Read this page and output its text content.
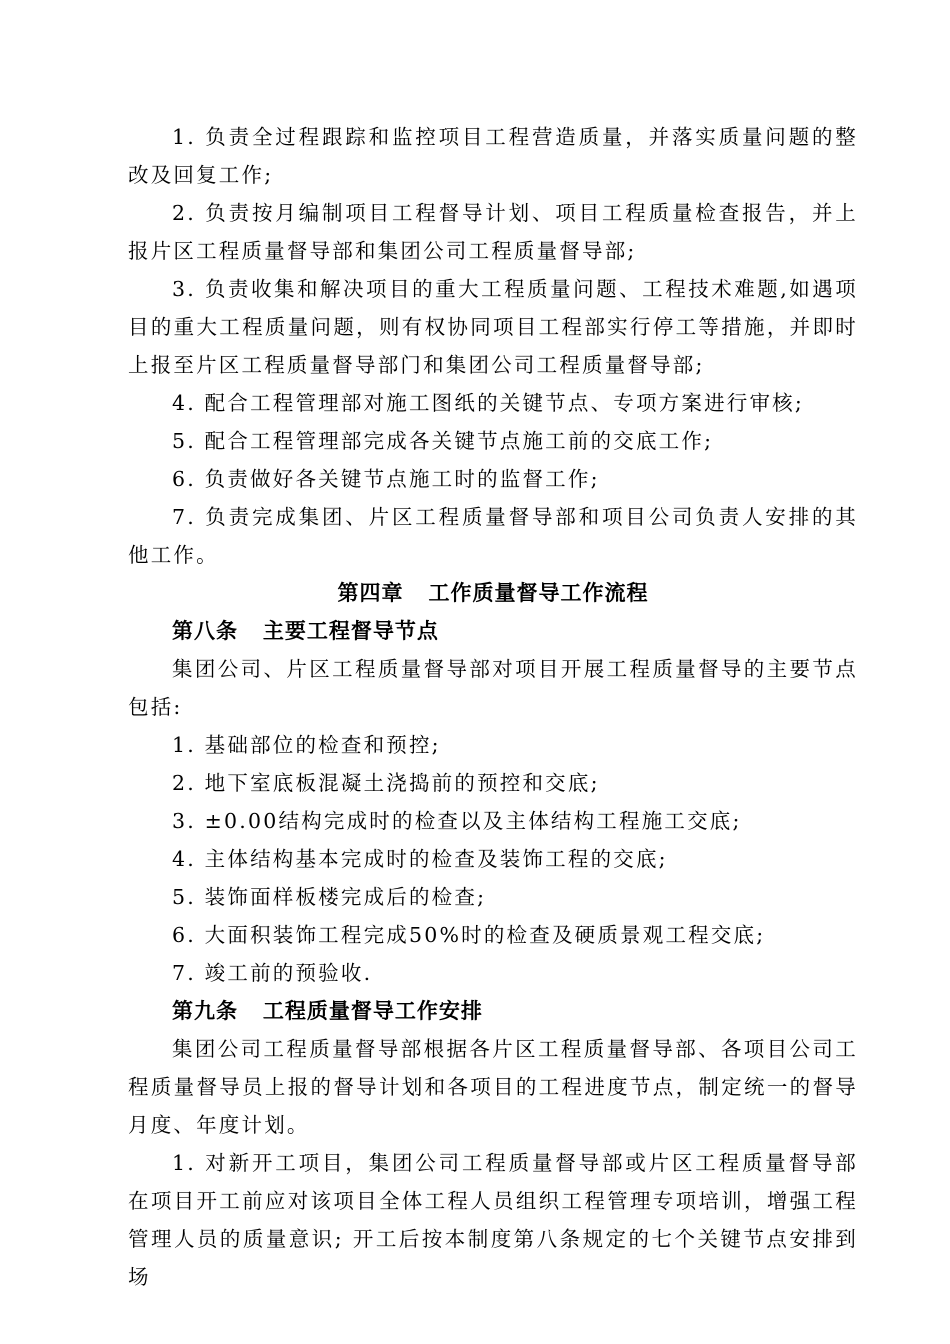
1. 负责全过程跟踪和监控项目工程营造质量，并落实质量问题的整改及回复工作;

2. 负责按月编制项目工程督导计划、项目工程质量检查报告，并上报片区工程质量督导部和集团公司工程质量督导部;

3. 负责收集和解决项目的重大工程质量问题、工程技术难题,如遇项目的重大工程质量问题，则有权协同项目工程部实行停工等措施，并即时上报至片区工程质量督导部门和集团公司工程质量督导部;

4. 配合工程管理部对施工图纸的关键节点、专项方案进行审核;

5. 配合工程管理部完成各关键节点施工前的交底工作;

6. 负责做好各关键节点施工时的监督工作;

7. 负责完成集团、片区工程质量督导部和项目公司负责人安排的其他工作。

第四章   工作质量督导工作流程

第八条   主要工程督导节点

集团公司、片区工程质量督导部对项目开展工程质量督导的主要节点包括:

1. 基础部位的检查和预控;

2. 地下室底板混凝土浇捣前的预控和交底;

3. ±0.00结构完成时的检查以及主体结构工程施工交底;

4. 主体结构基本完成时的检查及装饰工程的交底;

5. 装饰面样板楼完成后的检查;

6. 大面积装饰工程完成50%时的检查及硬质景观工程交底;

7. 竣工前的预验收.

第九条   工程质量督导工作安排

集团公司工程质量督导部根据各片区工程质量督导部、各项目公司工程质量督导员上报的督导计划和各项目的工程进度节点，制定统一的督导月度、年度计划。

1. 对新开工项目，集团公司工程质量督导部或片区工程质量督导部在项目开工前应对该项目全体工程人员组织工程管理专项培训，增强工程管理人员的质量意识; 开工后按本制度第八条规定的七个关键节点安排到场
